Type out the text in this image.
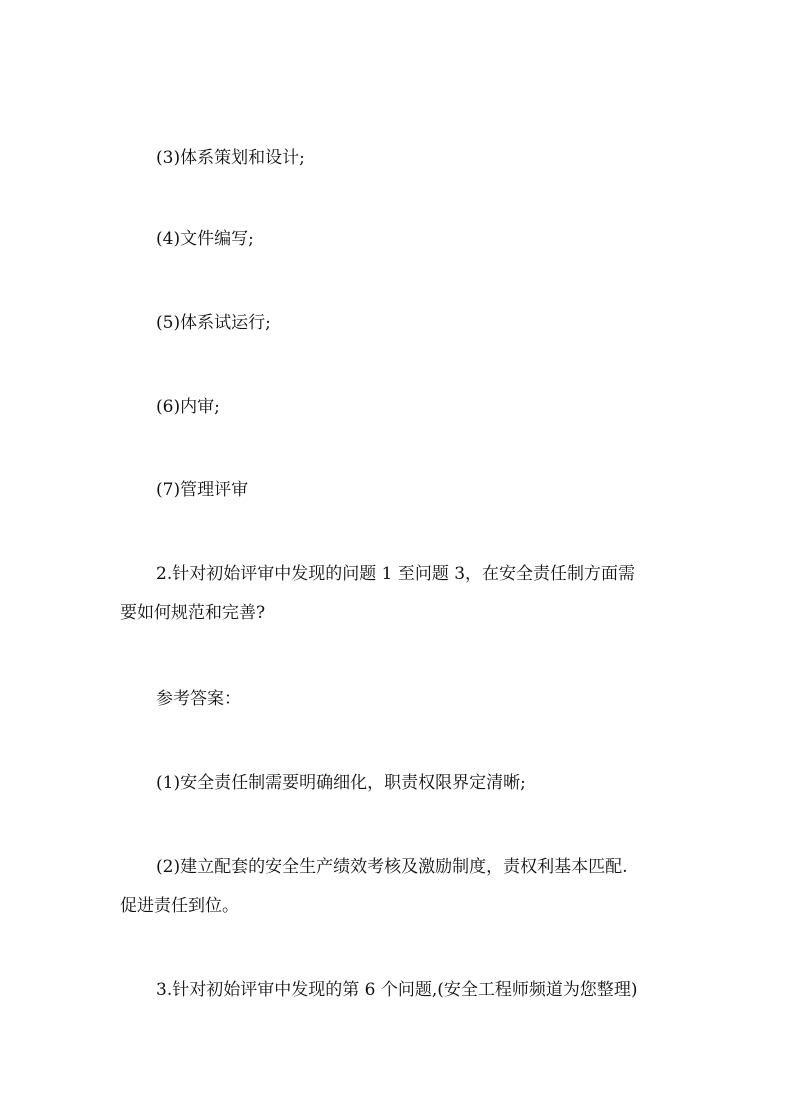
(3)体系策划和设计;

(4)文件编写;

(5)体系试运行;

(6)内审;

(7)管理评审

2.针对初始评审中发现的问题 1 至问题 3，在安全责任制方面需
要如何规范和完善?

参考答案：

(1)安全责任制需要明确细化，职责权限界定清晰;

(2)建立配套的安全生产绩效考核及激励制度，责权利基本匹配.
促进责任到位。

3.针对初始评审中发现的第 6 个问题,(安全工程师频道为您整理)
